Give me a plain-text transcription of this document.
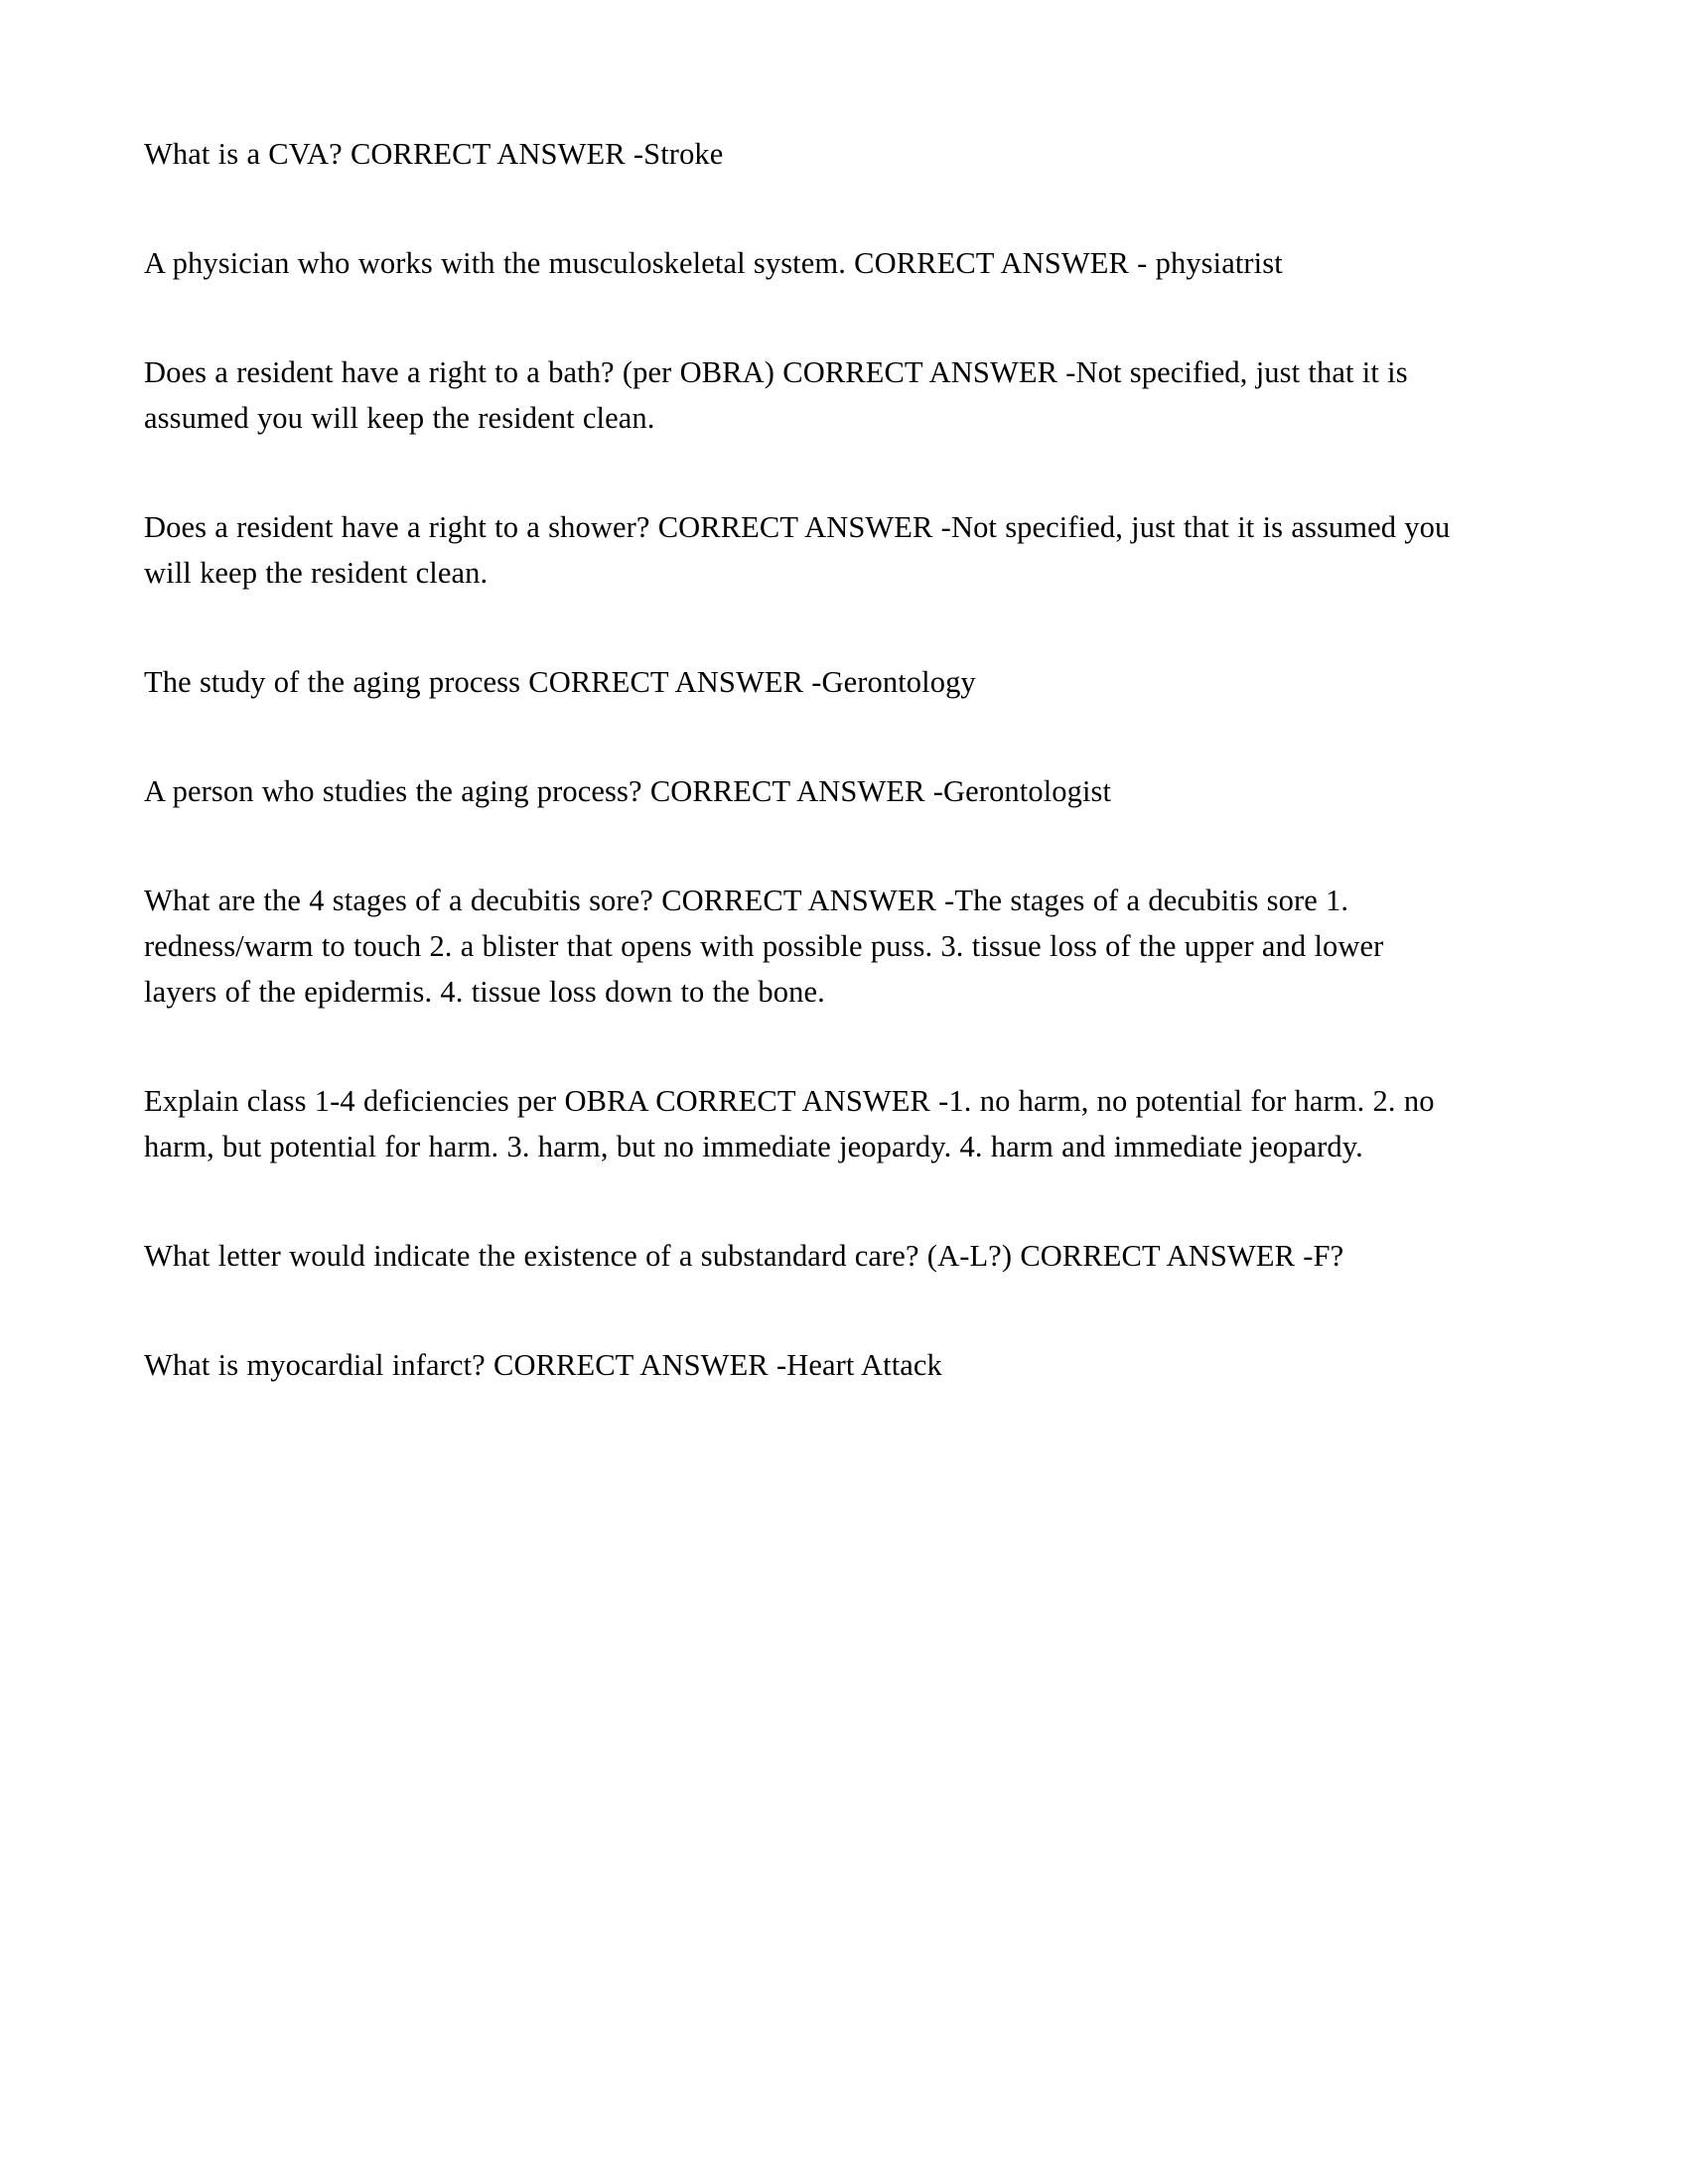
What is a CVA? CORRECT ANSWER -Stroke

A physician who works with the musculoskeletal system. CORRECT ANSWER - physiatrist

Does a resident have a right to a bath? (per OBRA) CORRECT ANSWER -Not specified, just that it is assumed you will keep the resident clean.

Does a resident have a right to a shower? CORRECT ANSWER -Not specified, just that it is assumed you will keep the resident clean.

The study of the aging process CORRECT ANSWER -Gerontology

A person who studies the aging process? CORRECT ANSWER -Gerontologist

What are the 4 stages of a decubitis sore? CORRECT ANSWER -The stages of a decubitis sore 1. redness/warm to touch 2. a blister that opens with possible puss. 3. tissue loss of the upper and lower layers of the epidermis. 4. tissue loss down to the bone.

Explain class 1-4 deficiencies per OBRA CORRECT ANSWER -1. no harm, no potential for harm. 2. no harm, but potential for harm. 3. harm, but no immediate jeopardy. 4. harm and immediate jeopardy.

What letter would indicate the existence of a substandard care? (A-L?) CORRECT ANSWER -F?

What is myocardial infarct? CORRECT ANSWER -Heart Attack
